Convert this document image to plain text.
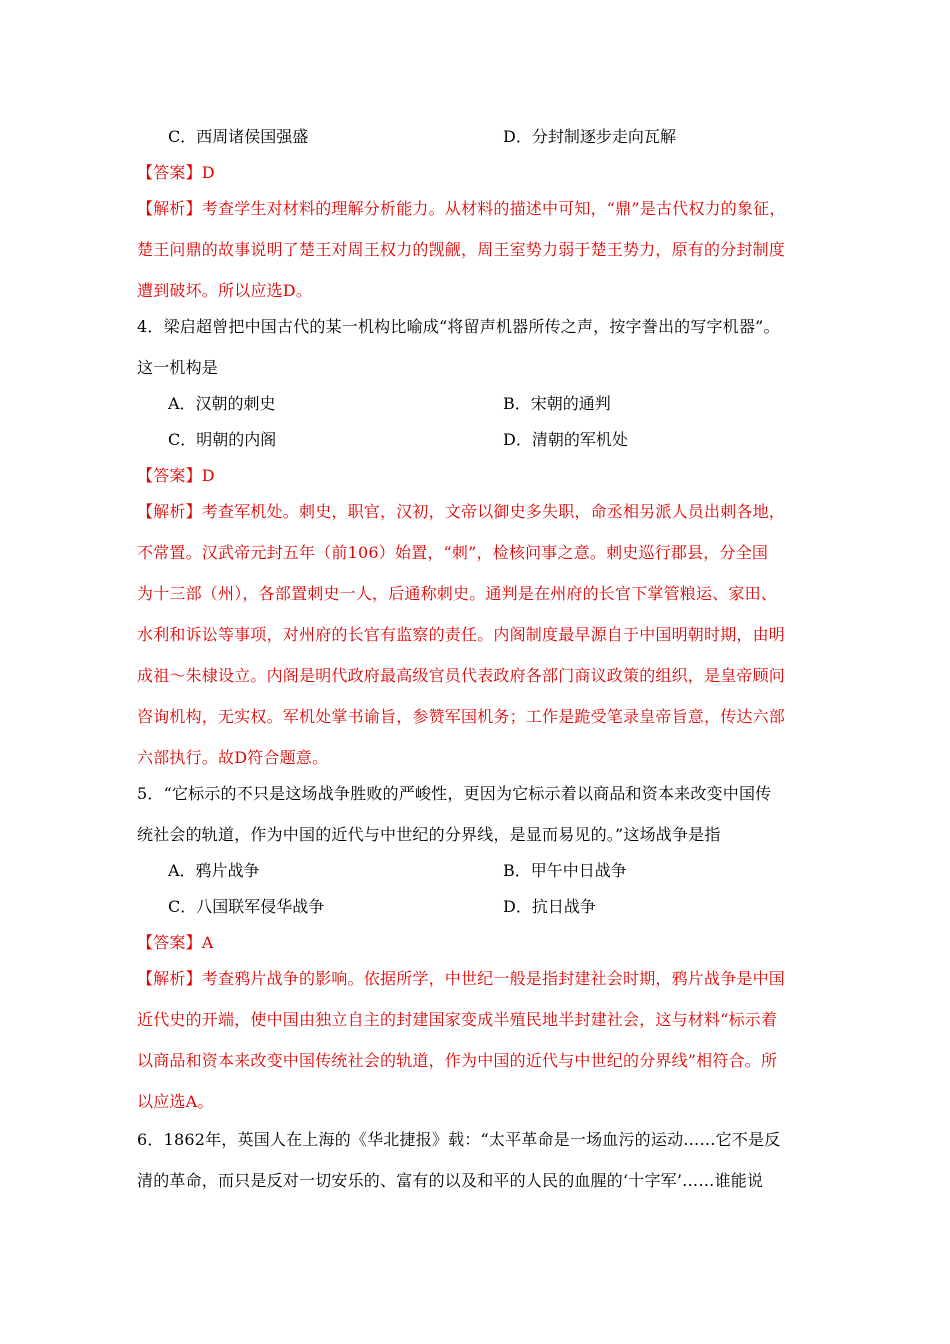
C．西周诸侯国强盛	D．分封制逐步走向瓦解
【答案】D
【解析】考查学生对材料的理解分析能力。从材料的描述中可知，“鼎”是古代权力的象征，
楚王问鼎的故事说明了楚王对周王权力的觊觎，周王室势力弱于楚王势力，原有的分封制度
遭到破坏。所以应选D。
4．梁启超曾把中国古代的某一机构比喻成“将留声机器所传之声，按字誊出的写字机器”。
这一机构是
A．汉朝的刺史	B．宋朝的通判
C．明朝的内阁	D．清朝的军机处
【答案】D
【解析】考查军机处。刺史，职官，汉初，文帝以御史多失职，命丞相另派人员出刺各地，
不常置。汉武帝元封五年（前106）始置，“刺”，检核问事之意。刺史巡行郡县，分全国
为十三部（州），各部置刺史一人，后通称刺史。通判是在州府的长官下掌管粮运、家田、
水利和诉讼等事项，对州府的长官有监察的责任。内阁制度最早源自于中国明朝时期，由明
成祖～朱棣设立。内阁是明代政府最高级官员代表政府各部门商议政策的组织，是皇帝顾问
咨询机构，无实权。军机处掌书谕旨，参赞军国机务；工作是跪受笔录皇帝旨意，传达六部
六部执行。故D符合题意。
5．“它标示的不只是这场战争胜败的严峻性，更因为它标示着以商品和资本来改变中国传
统社会的轨道，作为中国的近代与中世纪的分界线，是显而易见的。”这场战争是指
A．鸦片战争	B．甲午中日战争
C．八国联军侵华战争	D．抗日战争
【答案】A
【解析】考查鸦片战争的影响。依据所学，中世纪一般是指封建社会时期，鸦片战争是中国
近代史的开端，使中国由独立自主的封建国家变成半殖民地半封建社会，这与材料“标示着
以商品和资本来改变中国传统社会的轨道，作为中国的近代与中世纪的分界线”相符合。所
以应选A。
6．1862年，英国人在上海的《华北捷报》载：“太平革命是一场血污的运动……它不是反
清的革命，而只是反对一切安乐的、富有的以及和平的人民的血腥的‘十字军’……谁能说
